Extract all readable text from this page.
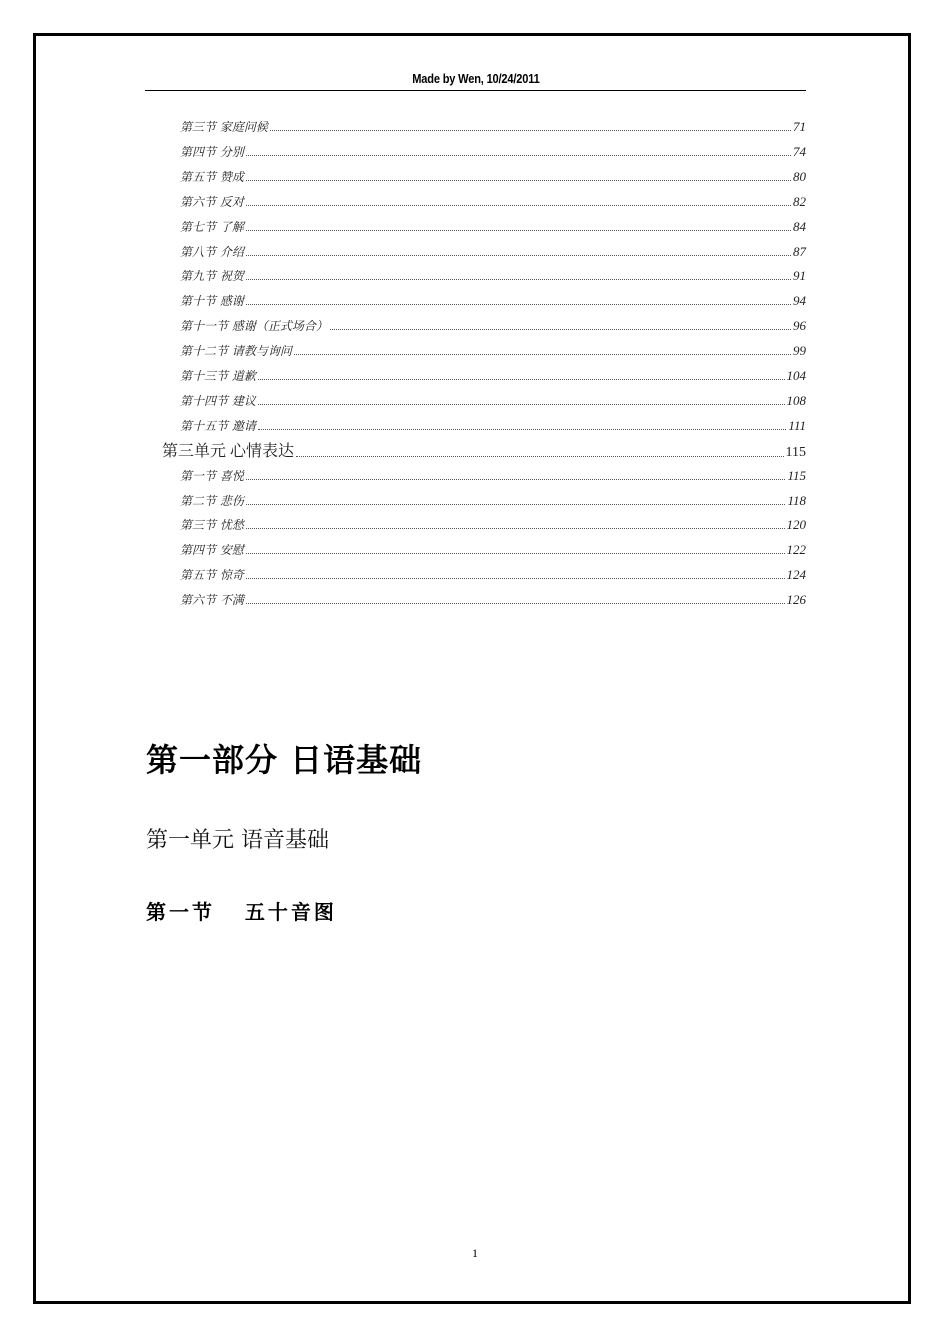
Made by Wen, 10/24/2011
第三节 家庭问候	71
第四节 分别	74
第五节 赞成	80
第六节 反对	82
第七节 了解	84
第八节 介绍	87
第九节 祝贺	91
第十节 感谢	94
第十一节 感谢（正式场合）	96
第十二节 请教与询问	99
第十三节 道歉	104
第十四节 建议	108
第十五节 邀请	111
第三单元 心情表达	115
第一节 喜悦	115
第二节 悲伤	118
第三节 忧愁	120
第四节 安慰	122
第五节 惊奇	124
第六节 不满	126
第一部分 日语基础
第一单元 语音基础
第一节   五十音图
1
